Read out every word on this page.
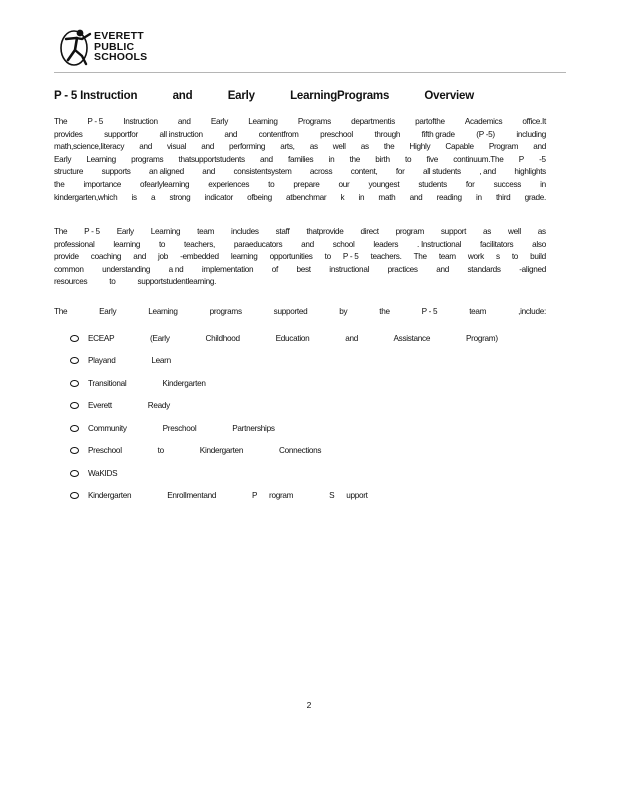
EVERETT
PUBLIC
SCHOOLS
P - 5 Instruction	and	Early	LearningPrograms	Overview
The P - 5 Instruction and Early Learning Programs departmentis partofthe Academics office.It
provides	supportfor	all instruction	and	contentfrom	preschool	through	fifth grade	(P -5)	including
math,science,literacy and visual and performing arts, as well as the Highly Capable Program and
Early Learning programs thatsupportstudents and families in the birth to five continuum.The P -5
structure supports an aligned and consistentsystem across content, for all students , and highlights
the importance ofearlylearning experiences to prepare our youngest students for success in
kindergarten,which is a strong indicator ofbeing atbenchmar k in math and reading in third grade.
The P - 5 Early Learning team includes staff thatprovide direct program support as well as
professional learning to teachers, paraeducators and school leaders . Instructional facilitators also
provide coaching and job -embedded learning opportunities to P - 5 teachers. The team work s to build
common understanding a nd implementation of best instructional practices and standards -aligned
resources	to	supportstudentlearning.
The	Early	Learning	programs	supported	by	the	P - 5	team	,include:
ECEAP   (Early   Childhood   Education   and   Assistance   Program)
Playand   Learn
Transitional   Kindergarten
Everett   Ready
Community   Preschool   Partnerships
Preschool   to   Kindergarten   Connections
WaKIDS
Kindergarten   Enrollmentand   P rogram   S upport
2
